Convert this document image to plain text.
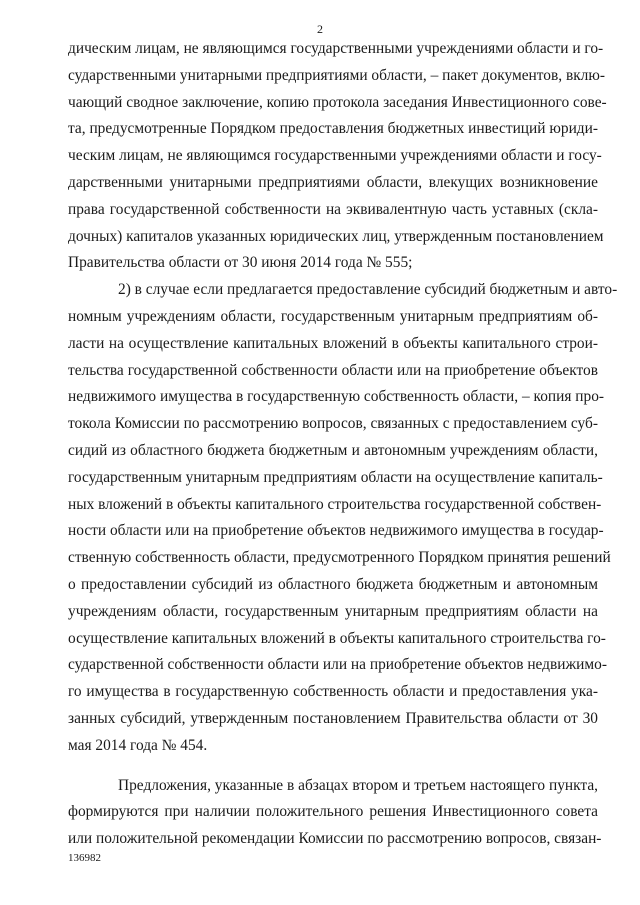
2
дическим лицам, не являющимся государственными учреждениями области и го-
сударственными унитарными предприятиями области, – пакет документов, вклю-
чающий сводное заключение, копию протокола заседания Инвестиционного сове-
та, предусмотренные Порядком предоставления бюджетных инвестиций юриди-
ческим лицам, не являющимся государственными учреждениями области и госу-
дарственными унитарными предприятиями области, влекущих возникновение
права государственной собственности на эквивалентную часть уставных (скла-
дочных) капиталов указанных юридических лиц, утвержденным постановлением
Правительства области от 30 июня 2014 года № 555;
2) в случае если предлагается предоставление субсидий бюджетным и авто-
номным учреждениям области, государственным унитарным предприятиям об-
ласти на осуществление капитальных вложений в объекты капитального строи-
тельства государственной собственности области или на приобретение объектов
недвижимого имущества в государственную собственность области, – копия про-
токола Комиссии по рассмотрению вопросов, связанных с предоставлением суб-
сидий из областного бюджета бюджетным и автономным учреждениям области,
государственным унитарным предприятиям области на осуществление капиталь-
ных вложений в объекты капитального строительства государственной собствен-
ности области или на приобретение объектов недвижимого имущества в государ-
ственную собственность области, предусмотренного Порядком принятия решений
о предоставлении субсидий из областного бюджета бюджетным и автономным
учреждениям области, государственным унитарным предприятиям области на
осуществление капитальных вложений в объекты капитального строительства го-
сударственной собственности области или на приобретение объектов недвижимо-
го имущества в государственную собственность области и предоставления ука-
занных субсидий, утвержденным постановлением Правительства области от 30
мая 2014 года № 454.
Предложения, указанные в абзацах втором и третьем настоящего пункта,
формируются при наличии положительного решения Инвестиционного совета
или положительной рекомендации Комиссии по рассмотрению вопросов, связан-
136982
